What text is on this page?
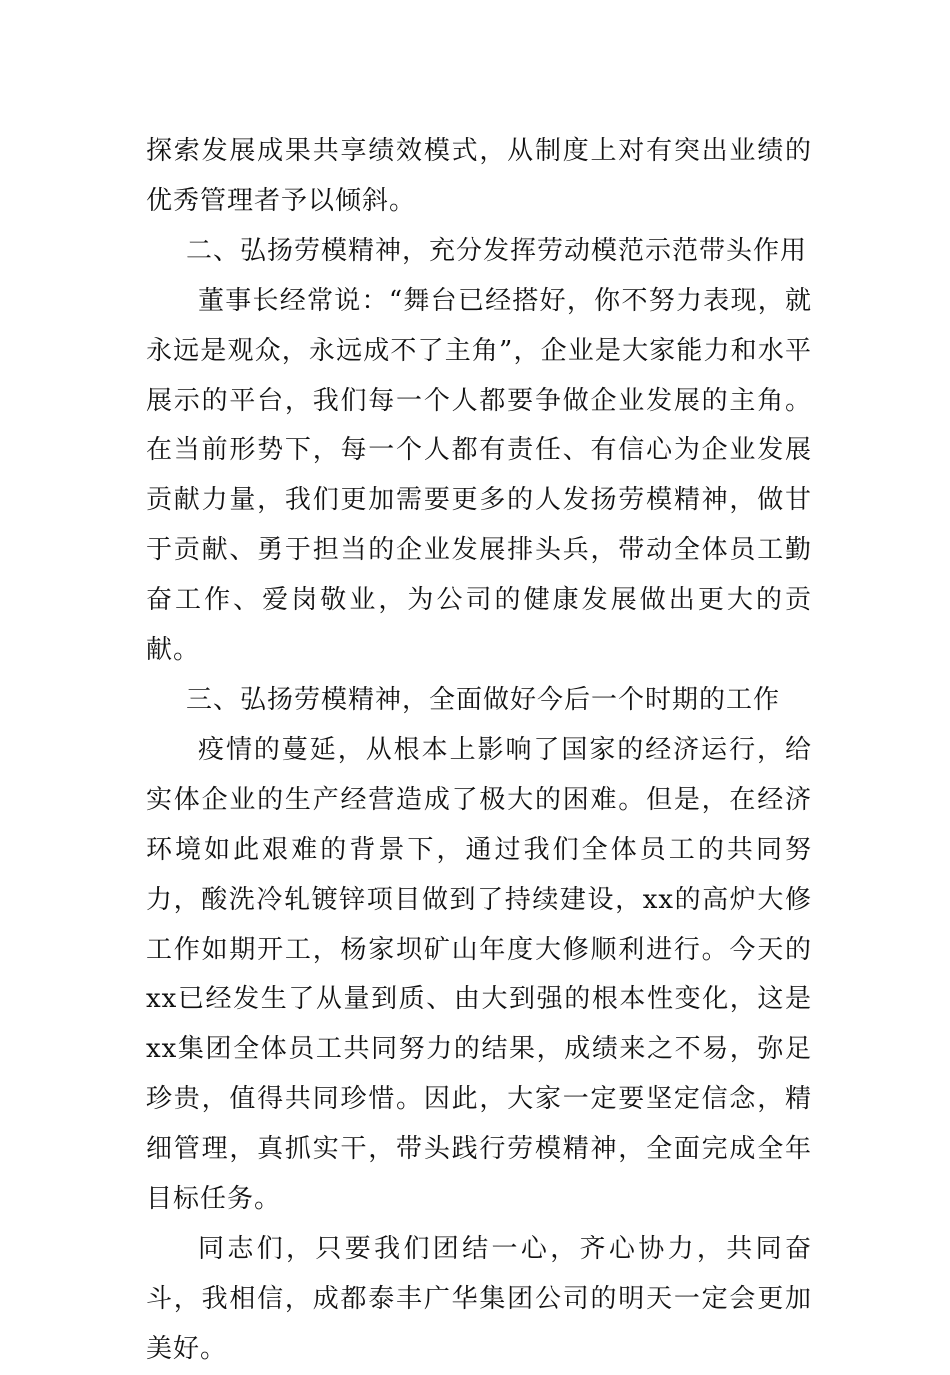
探索发展成果共享绩效模式，从制度上对有突出业绩的优秀管理者予以倾斜。

二、弘扬劳模精神，充分发挥劳动模范示范带头作用

董事长经常说：“舞台已经搭好，你不努力表现，就永远是观众，永远成不了主角”，企业是大家能力和水平展示的平台，我们每一个人都要争做企业发展的主角。在当前形势下，每一个人都有责任、有信心为企业发展贡献力量，我们更加需要更多的人发扬劳模精神，做甘于贡献、勇于担当的企业发展排头兵，带动全体员工勤奋工作、爱岗敬业，为公司的健康发展做出更大的贡献。

三、弘扬劳模精神，全面做好今后一个时期的工作

疫情的蔓延，从根本上影响了国家的经济运行，给实体企业的生产经营造成了极大的困难。但是，在经济环境如此艰难的背景下，通过我们全体员工的共同努力，酸洗冷轧镀锌项目做到了持续建设，xx的高炉大修工作如期开工，杨家坝矿山年度大修顺利进行。今天的xx已经发生了从量到质、由大到强的根本性变化，这是xx集团全体员工共同努力的结果，成绩来之不易，弥足珍贵，值得共同珍惜。因此，大家一定要坚定信念，精细管理，真抓实干，带头践行劳模精神，全面完成全年目标任务。

同志们，只要我们团结一心，齐心协力，共同奋斗，我相信，成都泰丰广华集团公司的明天一定会更加美好。
